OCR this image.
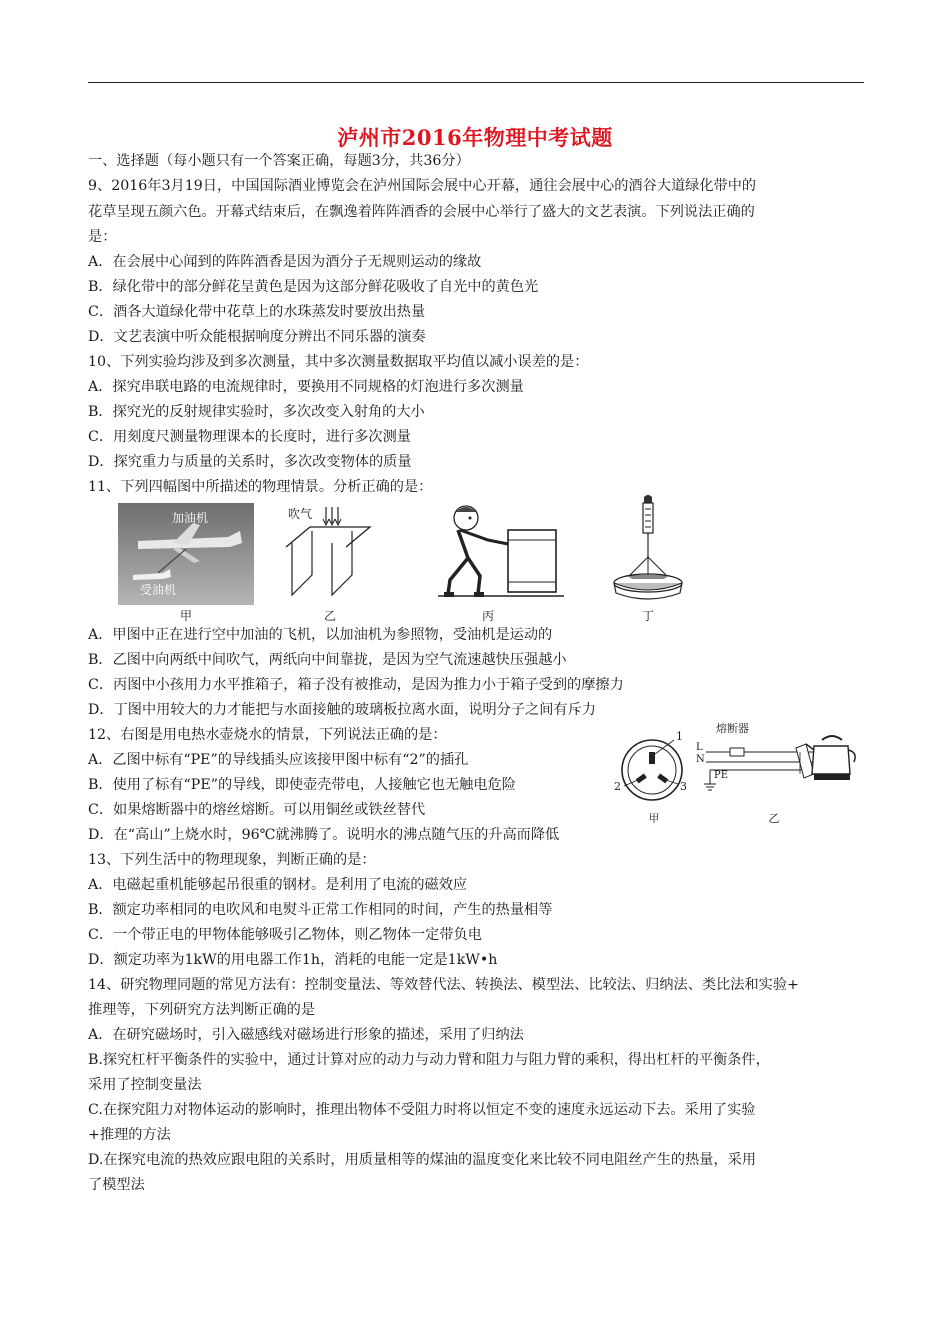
泸州市2016年物理中考试题
一、选择题（每小题只有一个答案正确，每题3分，共36分）
9、2016年3月19日，中国国际酒业博览会在泸州国际会展中心开幕，通往会展中心的酒谷大道绿化带中的
花草呈现五颜六色。开幕式结束后，在飘逸着阵阵酒香的会展中心举行了盛大的文艺表演。下列说法正确的
是：
A．在会展中心闻到的阵阵酒香是因为酒分子无规则运动的缘故
B．绿化带中的部分鲜花呈黄色是因为这部分鲜花吸收了自光中的黄色光
C．酒各大道绿化带中花草上的水珠蒸发时要放出热量
D．文艺表演中听众能根据响度分辨出不同乐器的演奏
10、下列实验均涉及到多次测量，其中多次测量数据取平均值以减小误差的是：
A．探究串联电路的电流规律时，要换用不同规格的灯泡进行多次测量
B．探究光的反射规律实验时，多次改变入射角的大小
C．用刻度尺测量物理课本的长度时，进行多次测量
D．探究重力与质量的关系时，多次改变物体的质量
11、下列四幅图中所描述的物理情景。分析正确的是：
加油机
受油机
甲
吹气
乙	丙	丁
A．甲图中正在进行空中加油的飞机，以加油机为参照物，受油机是运动的
B．乙图中向两纸中间吹气，两纸向中间靠拢，是因为空气流速越快压强越小
C．丙图中小孩用力水平推箱子，箱子没有被推动，是因为推力小于箱子受到的摩擦力
D．丁图中用较大的力才能把与水面接触的玻璃板拉离水面，说明分子之间有斥力
12、右图是用电热水壶烧水的情景，下列说法正确的是：
A．乙图中标有“PE”的导线插头应该接甲图中标有“2”的插孔
B．使用了标有“PE”的导线，即使壶壳带电，人接触它也无触电危险
C．如果熔断器中的熔丝熔断。可以用铜丝或铁丝替代
D．在“高山”上烧水时，96℃就沸腾了。说明水的沸点随气压的升高而降低
1
2	3
甲
熔断器
L
N
PE
乙
13、下列生活中的物理现象，判断正确的是：
A．电磁起重机能够起吊很重的钢材。是利用了电流的磁效应
B．额定功率相同的电吹风和电熨斗正常工作相同的时间，产生的热量相等
C．一个带正电的甲物体能够吸引乙物体，则乙物体一定带负电
D．额定功率为1kW的用电器工作1h，消耗的电能一定是1kW•h
14、研究物理同题的常见方法有：控制变量法、等效替代法、转换法、模型法、比较法、归纳法、类比法和实验+
推理等，下列研究方法判断正确的是
A．在研究磁场时，引入磁感线对磁场进行形象的描述，采用了归纳法
B.探究杠杆平衡条件的实验中，通过计算对应的动力与动力臂和阻力与阻力臂的乘积，得出杠杆的平衡条件，
采用了控制变量法
C.在探究阻力对物体运动的影响时，推理出物体不受阻力时将以恒定不变的速度永远运动下去。采用了实验
+推理的方法
D.在探究电流的热效应跟电阻的关系时，用质量相等的煤油的温度变化来比较不同电阻丝产生的热量，采用
了模型法
